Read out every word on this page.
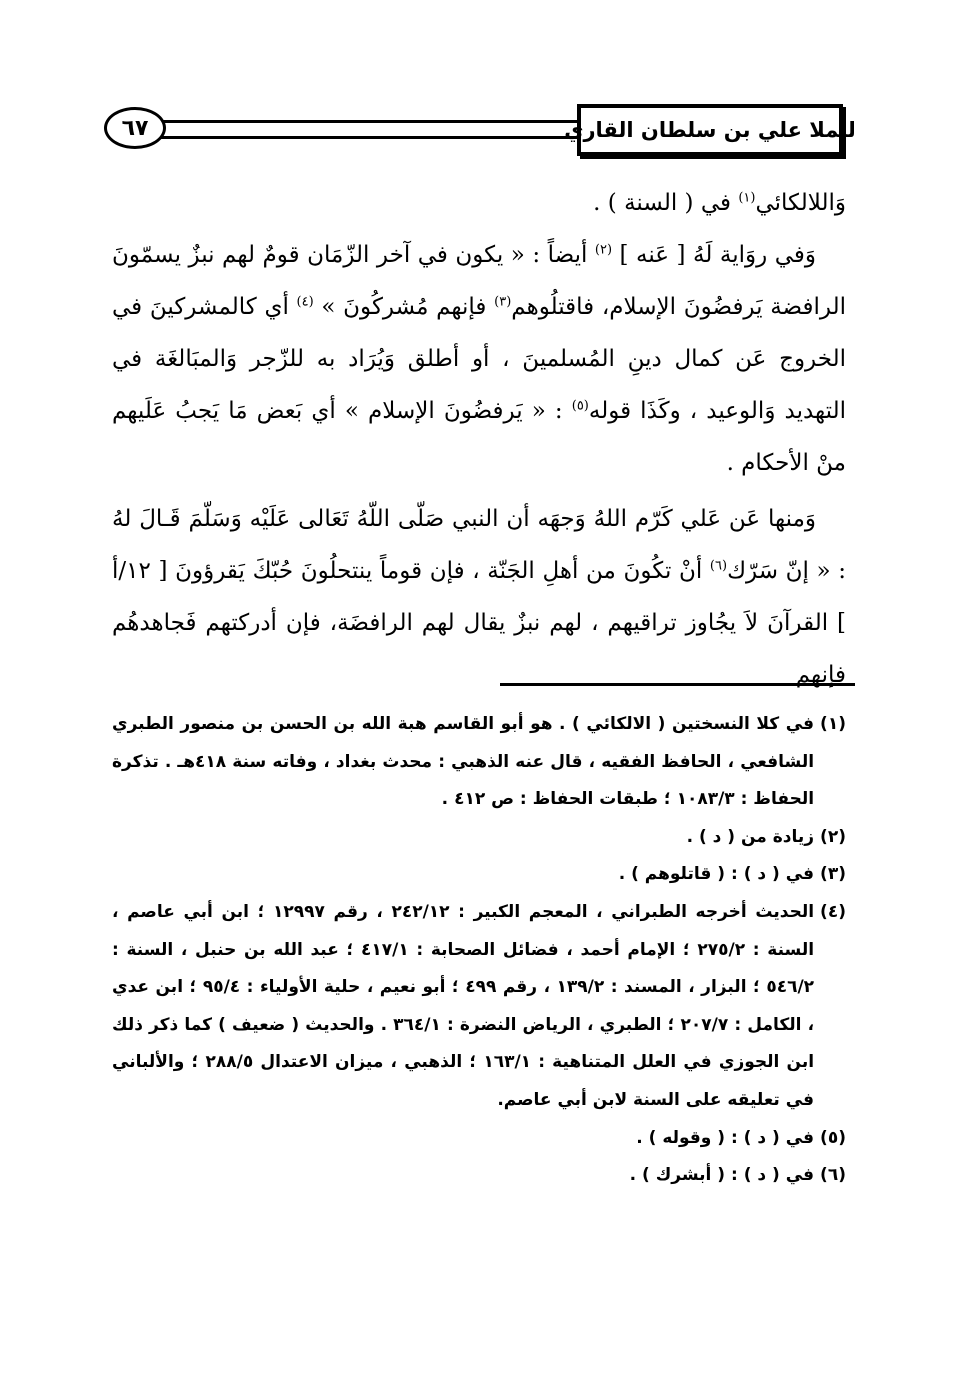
للملا علي بن سلطان القاري
٦٧

وَاللالكائي$^{(١)}$ في ( السنة ) .

وَفي روَاية لَهُ [ عَنه ] $^{(٢)}$ أيضاً : « يكون في آخر الزّمَان قومٌ لهم نبزٌ يسمّونَ الرافضة يَرفضُونَ الإسلام، فاقتلُوهم$^{(٣)}$ فإنهم مُشركُونَ » $^{(٤)}$ أي كالمشركينَ في الخروج عَن كمال دينِ المُسلمينَ ، أو أطلق وَيُرَاد به للزّجر وَالمبَالغَة في التهديد وَالوعيد ، وكَذَا قوله$^{(٥)}$ : « يَرفضُونَ الإسلام » أي بَعض مَا يَجبُ عَلَيهم منْ الأحكام .

وَمنها عَن عَلي كَرّم اللهُ وَجهَه أن النبي صَلّى اللّهُ تَعَالى عَلَيْه وَسَلّمَ قَـالَ لهُ : « إنّ سَرّك$^{(٦)}$ أنْ تكُونَ من أهلِ الجَنّة ، فإن قوماً ينتحلُونَ حُبّكَ يَقرؤونَ [ ١٢/أ ] القرآنَ لاَ يجُاوز تراقيهم ، لهم نبزٌ يقال لهم الرافضَة، فإن أدركتهم فَجاهدهُم فإنهم

(١)
في كلا النسختين ( الالكائي ) . هو أبو القاسم هبة الله بن الحسن بن منصور الطبري الشافعي ، الحافظ الفقيه ، قال عنه الذهبي : محدث بغداد ، وفاته سنة ٤١٨هـ . تذكرة الحفاظ : ١٠٨٣/٣ ؛ طبقات الحفاظ : ص ٤١٢ .
(٢)
زيادة من ( د ) .
(٣)
في ( د ) : ( قاتلوهم ) .
(٤)
الحديث أخرجه الطبراني ، المعجم الكبير : ٢٤٢/١٢ ، رقم ١٢٩٩٧ ؛ ابن أبي عاصم ، السنة : ٢٧٥/٢ ؛ الإمام أحمد ، فضائل الصحابة : ٤١٧/١ ؛ عبد الله بن حنبل ، السنة : ٥٤٦/٢ ؛ البزار ، المسند : ١٣٩/٢ ، رقم ٤٩٩ ؛ أبو نعيم ، حلية الأولياء : ٩٥/٤ ؛ ابن عدي ، الكامل : ٢٠٧/٧ ؛ الطبري ، الرياض النضرة : ٣٦٤/١ . والحديث ( ضعيف ) كما ذكر ذلك ابن الجوزي في العلل المتناهية : ١٦٣/١ ؛ الذهبي ، ميزان الاعتدال ٢٨٨/٥ ؛ والألباني في تعليقه على السنة لابن أبي عاصم.
(٥)
في ( د ) : ( وقوله ) .
(٦)
في ( د ) : ( أبشرك ) .
